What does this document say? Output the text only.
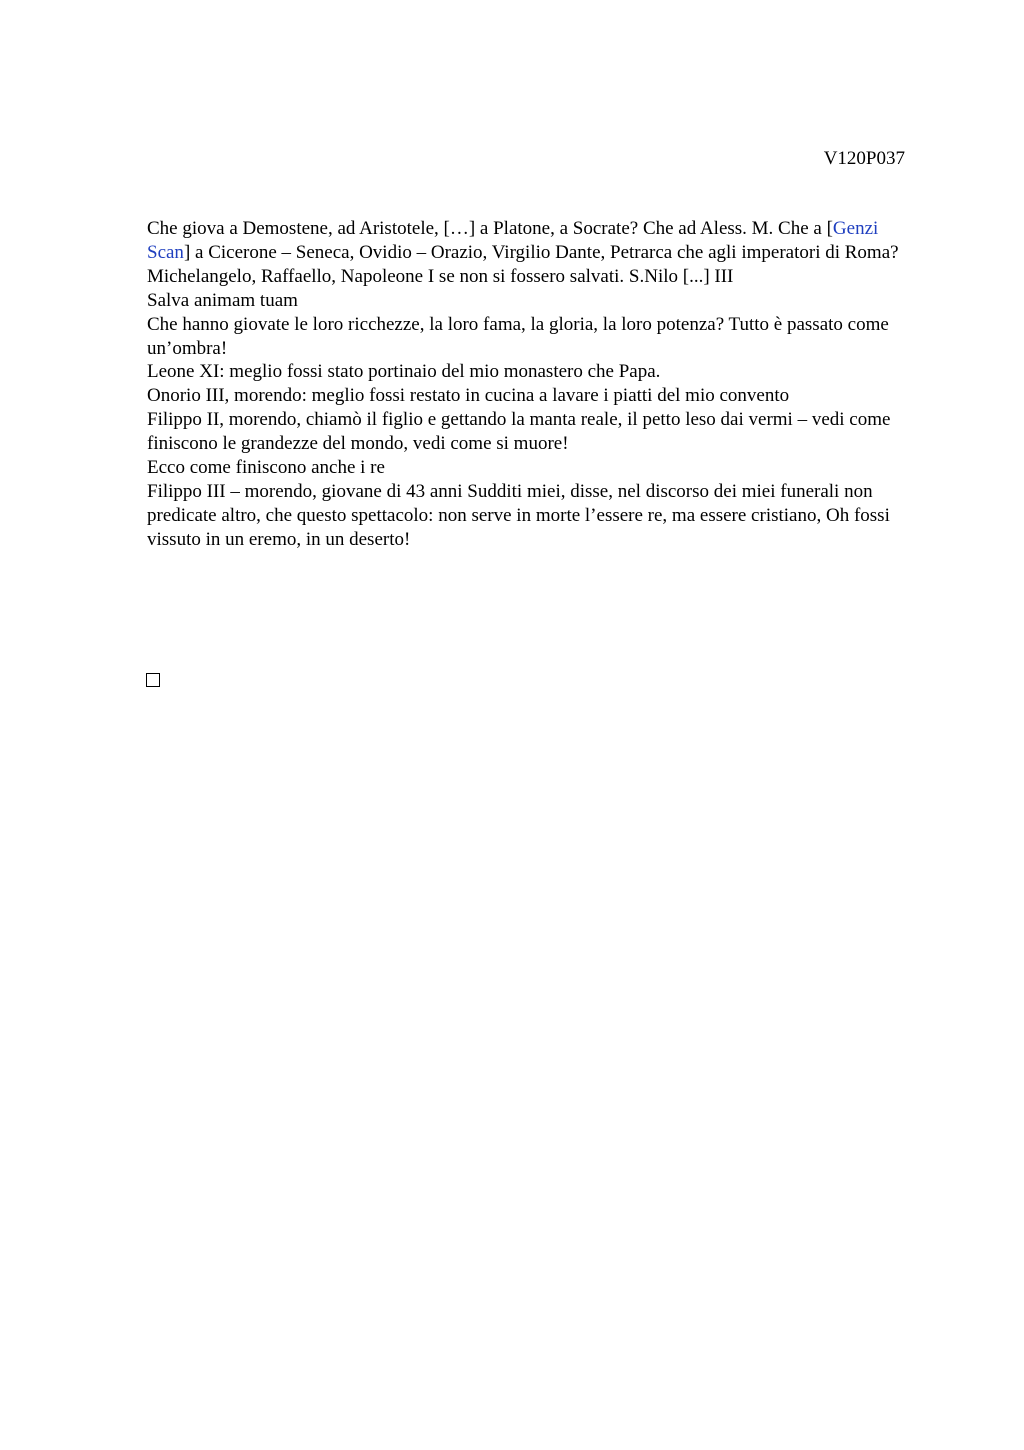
V120P037

Che giova a Demostene, ad Aristotele, […] a Platone, a Socrate? Che ad Aless. M. Che a [Genzi Scan] a Cicerone – Seneca, Ovidio – Orazio, Virgilio Dante, Petrarca che agli imperatori di Roma?

Michelangelo, Raffaello, Napoleone I se non si fossero salvati. S.Nilo [...] III

Salva animam tuam

Che hanno giovate le loro ricchezze, la loro fama, la gloria, la loro potenza? Tutto è passato come un’ombra!

Leone XI: meglio fossi stato portinaio del mio monastero che Papa.

Onorio III, morendo: meglio fossi restato in cucina a lavare i piatti del mio convento

Filippo II, morendo, chiamò il figlio e gettando la manta reale, il petto leso dai vermi – vedi come finiscono le grandezze del mondo, vedi come si muore!

Ecco come finiscono anche i re

Filippo III – morendo, giovane di 43 anni Sudditi miei, disse, nel discorso dei miei funerali non predicate altro, che questo spettacolo: non serve in morte l’essere re, ma essere cristiano, Oh fossi vissuto in un eremo, in un deserto!
